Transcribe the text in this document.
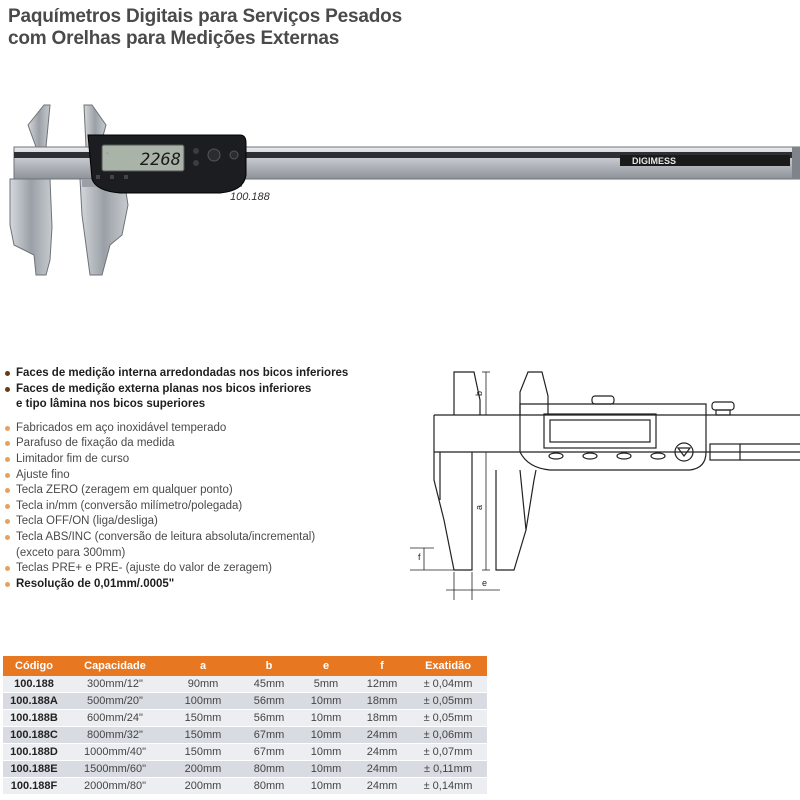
Paquímetros Digitais para Serviços Pesados
com Orelhas para Medições Externas
DIGIMESS
2268
◦
100.188
Faces de medição interna arredondadas nos bicos inferiores
Faces de medição externa planas nos bicos inferiores
e tipo lâmina nos bicos superiores
Fabricados em aço inoxidável temperado
Parafuso de fixação da medida
Limitador fim de curso
Ajuste fino
Tecla ZERO (zeragem em qualquer ponto)
Tecla in/mm (conversão milímetro/polegada)
Tecla OFF/ON (liga/desliga)
Tecla ABS/INC (conversão de leitura absoluta/incremental)
(exceto para 300mm)
Teclas PRE+ e PRE- (ajuste do valor de zeragem)
Resolução de 0,01mm/.0005"
b
a
f
e
Código	Capacidade	a	b	e	f	Exatidão
100.188	300mm/12"	90mm	45mm	5mm	12mm	± 0,04mm
100.188A	500mm/20"	100mm	56mm	10mm	18mm	± 0,05mm
100.188B	600mm/24"	150mm	56mm	10mm	18mm	± 0,05mm
100.188C	800mm/32"	150mm	67mm	10mm	24mm	± 0,06mm
100.188D	1000mm/40"	150mm	67mm	10mm	24mm	± 0,07mm
100.188E	1500mm/60"	200mm	80mm	10mm	24mm	± 0,11mm
100.188F	2000mm/80"	200mm	80mm	10mm	24mm	± 0,14mm
